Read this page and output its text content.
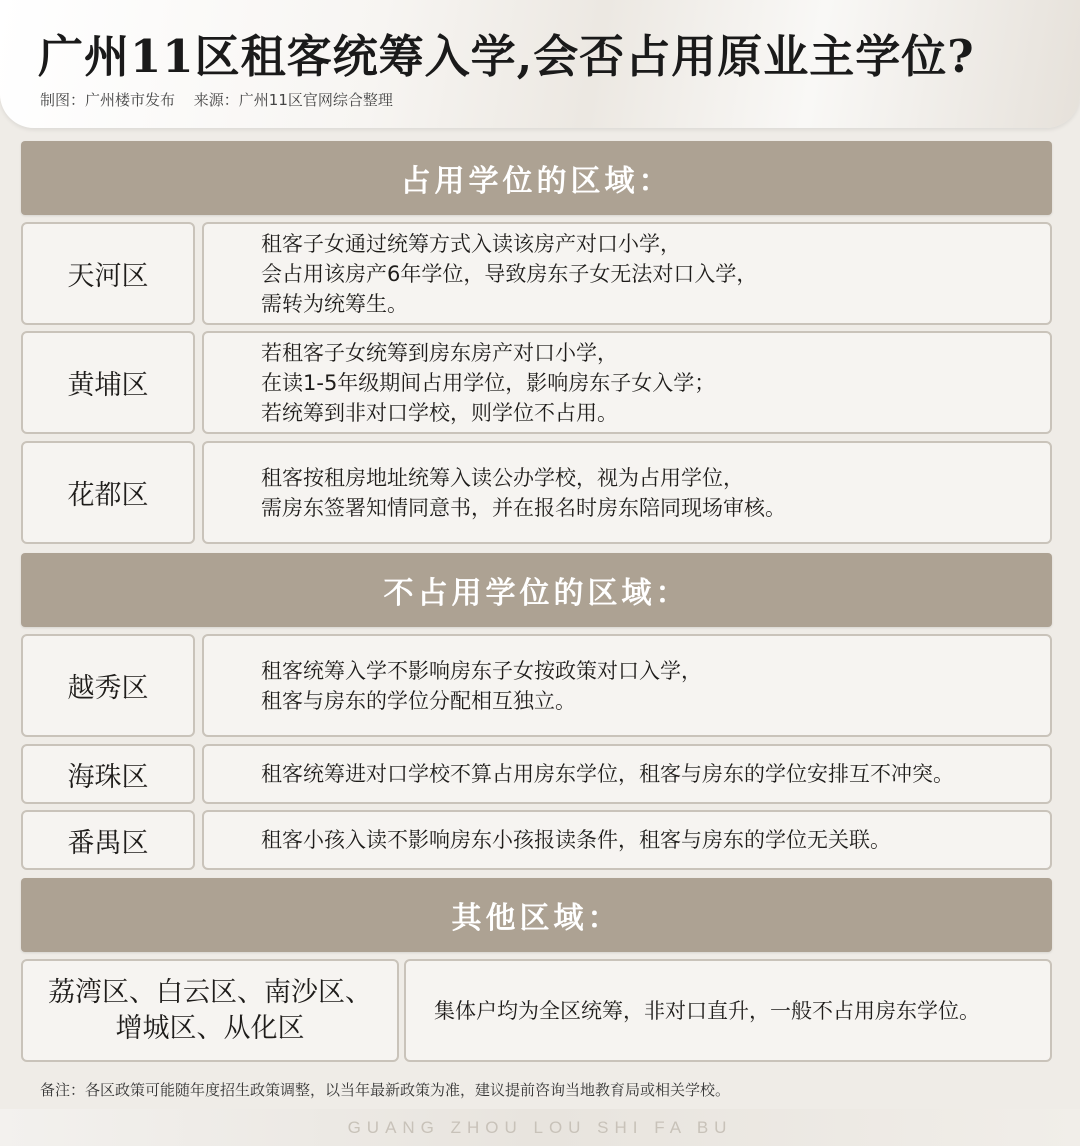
广州11区租客统筹入学,会否占用原业主学位?
制图：广州楼市发布 来源：广州11区官网综合整理
占用学位的区域：
天河区
租客子女通过统筹方式入读该房产对口小学，
会占用该房产6年学位，导致房东子女无法对口入学，
需转为统筹生。
黄埔区
若租客子女统筹到房东房产对口小学，
在读1-5年级期间占用学位，影响房东子女入学；
若统筹到非对口学校，则学位不占用。
花都区
租客按租房地址统筹入读公办学校，视为占用学位，
需房东签署知情同意书，并在报名时房东陪同现场审核。
不占用学位的区域：
越秀区
租客统筹入学不影响房东子女按政策对口入学，
租客与房东的学位分配相互独立。
海珠区	租客统筹进对口学校不算占用房东学位，租客与房东的学位安排互不冲突。
番禺区	租客小孩入读不影响房东小孩报读条件，租客与房东的学位无关联。
其他区域：
荔湾区、白云区、南沙区、
增城区、从化区
集体户均为全区统筹，非对口直升，一般不占用房东学位。
备注：各区政策可能随年度招生政策调整，以当年最新政策为准，建议提前咨询当地教育局或相关学校。
GUANG ZHOU LOU SHI FA BU
